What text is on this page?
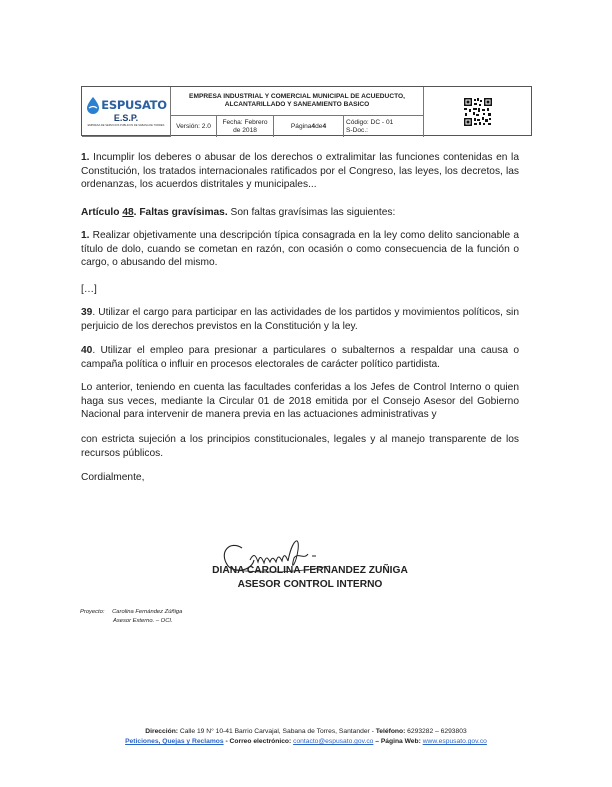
ESPUSATO
E.S.P.
EMPRESA DE SERVICIOS PUBLICOS DE SABANA DE TORRES
EMPRESA INDUSTRIAL Y COMERCIAL MUNICIPAL DE ACUEDUCTO, ALCANTARILLADO Y SANEAMIENTO BASICO
Versión: 2.0
Fecha: Febrero de 2018
Página 4 de 4
Código: DC - 01
S-Doc.:
1. Incumplir los deberes o abusar de los derechos o extralimitar las funciones contenidas en la Constitución, los tratados internacionales ratificados por el Congreso, las leyes, los decretos, las ordenanzas, los acuerdos distritales y municipales...
Artículo 48. Faltas gravísimas. Son faltas gravísimas las siguientes:
1. Realizar objetivamente una descripción típica consagrada en la ley como delito sancionable a título de dolo, cuando se cometan en razón, con ocasión o como consecuencia de la función o cargo, o abusando del mismo.
[…]
39. Utilizar el cargo para participar en las actividades de los partidos y movimientos políticos, sin perjuicio de los derechos previstos en la Constitución y la ley.
40. Utilizar el empleo para presionar a particulares o subalternos a respaldar una causa o campaña política o influir en procesos electorales de carácter político partidista.
Lo anterior, teniendo en cuenta las facultades conferidas a los Jefes de Control Interno o quien haga sus veces, mediante la Circular 01 de 2018 emitida por el Consejo Asesor del Gobierno Nacional para intervenir de manera previa en las actuaciones administrativas y
con estricta sujeción a los principios constitucionales, legales y al manejo transparente de los recursos públicos.
Cordialmente,
DIANA CAROLINA FERNANDEZ ZUÑIGA
ASESOR CONTROL INTERNO
Proyecto: Carolina Fernández Zúñiga
Asesor Externo. – OCI.
Dirección: Calle 19 N° 10-41 Barrio Carvajal, Sabana de Torres, Santander - Teléfono: 6293282 – 6293803
Peticiones, Quejas y Reclamos - Correo electrónico: contacto@espusato.gov.co – Página Web: www.espusato.gov.co
